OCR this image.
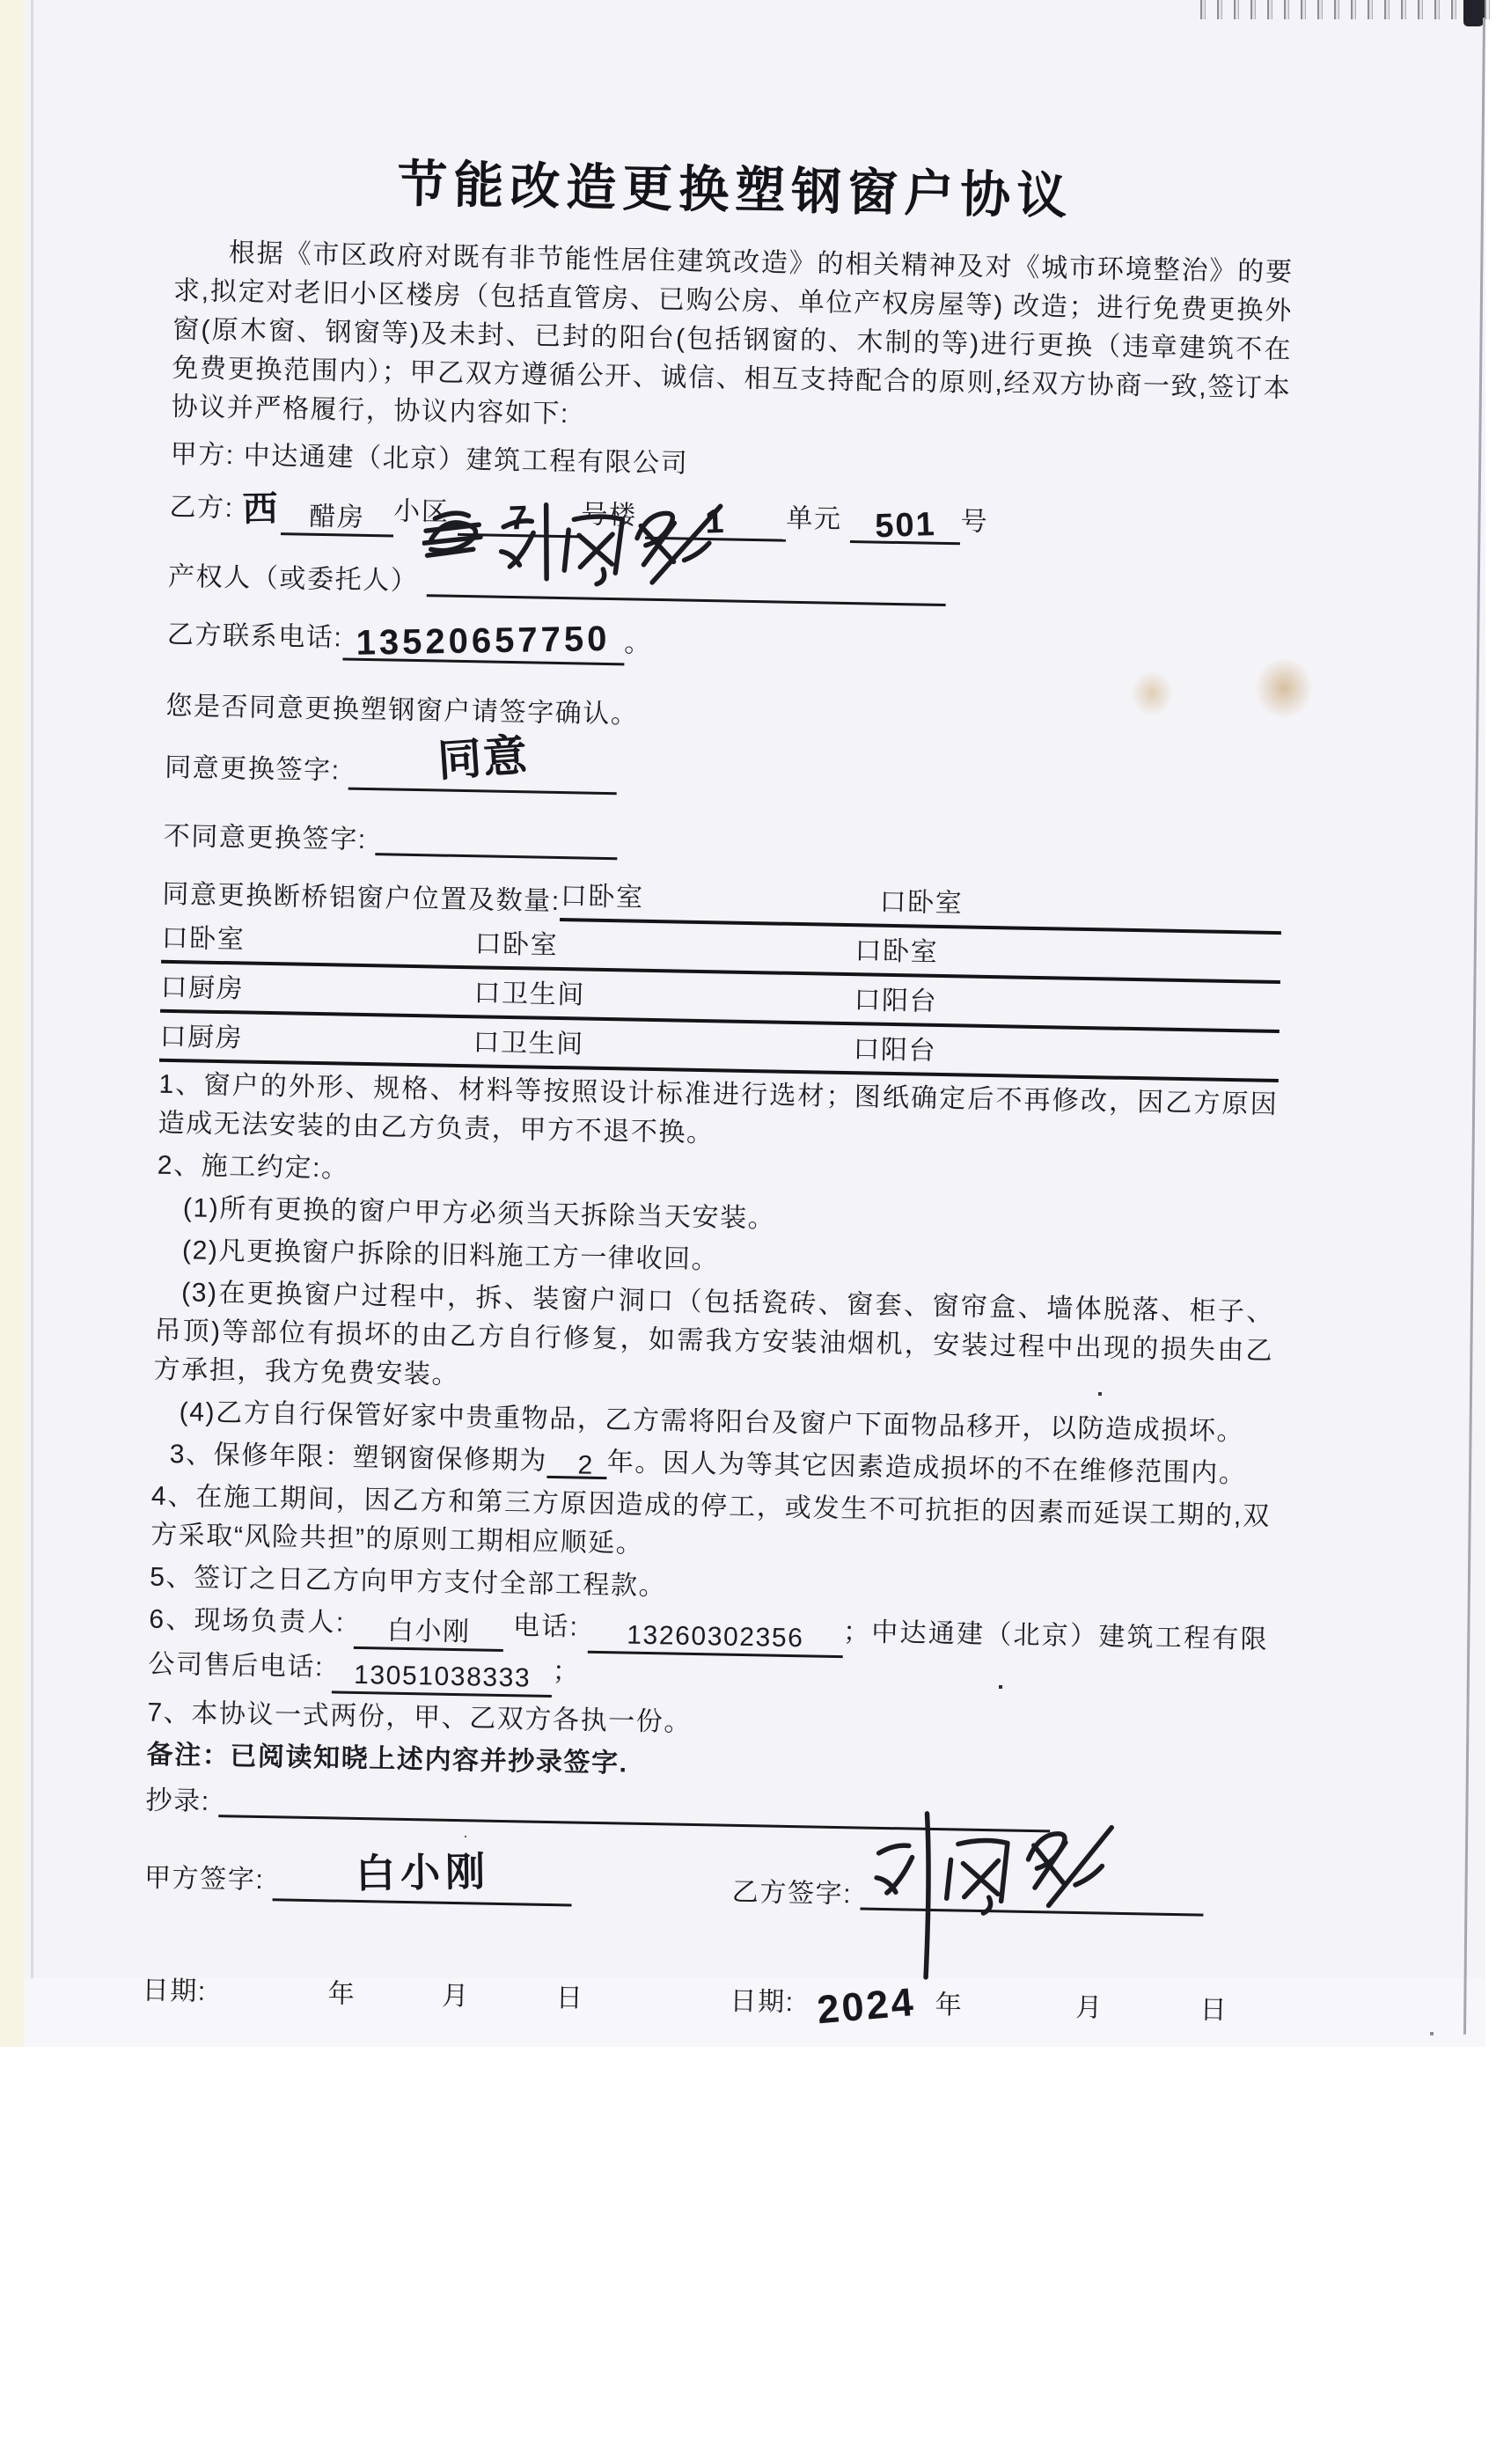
节能改造更换塑钢窗户协议

根据《市区政府对既有非节能性居住建筑改造》的相关精神及对《城市环境整治》的要求,拟定对老旧小区楼房（包括直管房、已购公房、单位产权房屋等) 改造；进行免费更换外窗(原木窗、钢窗等)及未封、已封的阳台(包括钢窗的、木制的等)进行更换（违章建筑不在免费更换范围内）；甲乙双方遵循公开、诚信、相互支持配合的原则,经双方协商一致,签订本协议并严格履行，协议内容如下:

甲方: 中达通建（北京）建筑工程有限公司
乙方: 西 醋房 小区 7 号楼 1 单元 501 号
产权人（或委托人）
乙方联系电话: 13520657750 。
您是否同意更换塑钢窗户请签字确认。
同意更换签字: 同意
不同意更换签字:
同意更换断桥铝窗户位置及数量: 口卧室	口卧室
口卧室	口卧室	口卧室
口厨房	口卫生间	口阳台
口厨房	口卫生间	口阳台

1、窗户的外形、规格、材料等按照设计标准进行选材；图纸确定后不再修改，因乙方原因造成无法安装的由乙方负责，甲方不退不换。

2、施工约定:。

(1)所有更换的窗户甲方必须当天拆除当天安装。

(2)凡更换窗户拆除的旧料施工方一律收回。

(3)在更换窗户过程中，拆、装窗户洞口（包括瓷砖、窗套、窗帘盒、墙体脱落、柜子、吊顶)等部位有损坏的由乙方自行修复，如需我方安装油烟机，安装过程中出现的损失由乙方承担，我方免费安装。

(4)乙方自行保管好家中贵重物品，乙方需将阳台及窗户下面物品移开，以防造成损坏。

3、保修年限：塑钢窗保修期为 2 年。因人为等其它因素造成损坏的不在维修范围内。

4、在施工期间，因乙方和第三方原因造成的停工，或发生不可抗拒的因素而延误工期的,双方采取“风险共担”的原则工期相应顺延。

5、签订之日乙方向甲方支付全部工程款。

6、现场负责人: 白小刚 电话: 13260302356 ；中达通建（北京）建筑工程有限公司售后电话: 13051038333 ；

7、本协议一式两份，甲、乙双方各执一份。

备注：已阅读知晓上述内容并抄录签字.

抄录:
甲方签字: 白小刚	乙方签字:
日期:	年	月	日	日期: 2024 年	月	日
